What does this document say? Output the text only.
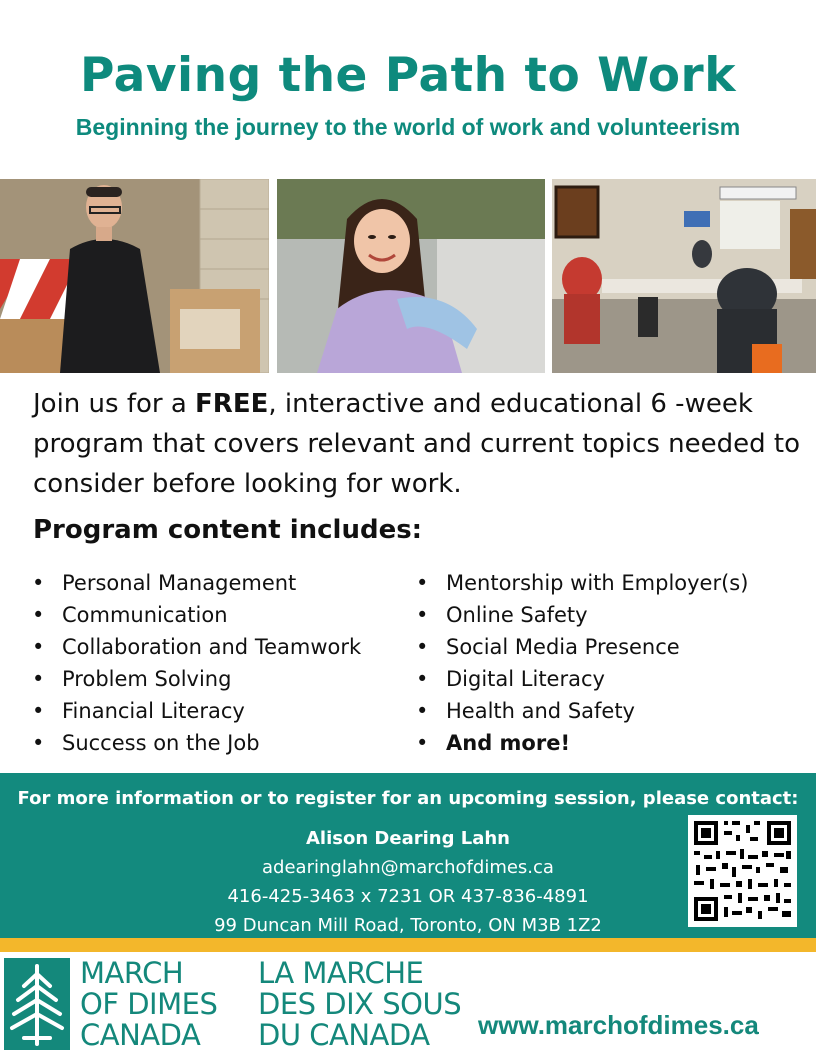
Paving the Path to Work
Beginning the journey to the world of work and volunteerism
Join us for a FREE, interactive and educational 6 -week program that covers relevant and current topics needed to consider before looking for work.
Program content includes:
• Personal Management
• Communication
• Collaboration and Teamwork
• Problem Solving
• Financial Literacy
• Success on the Job
• Mentorship with Employer(s)
• Online Safety
• Social Media Presence
• Digital Literacy
• Health and Safety
• And more!
For more information or to register for an upcoming session, please contact:
Alison Dearing Lahn
adearinglahn@marchofdimes.ca
416-425-3463 x 7231 OR 437-836-4891
99 Duncan Mill Road, Toronto, ON M3B 1Z2
MARCH
OF DIMES
CANADA
LA MARCHE
DES DIX SOUS
DU CANADA	www.marchofdimes.ca
